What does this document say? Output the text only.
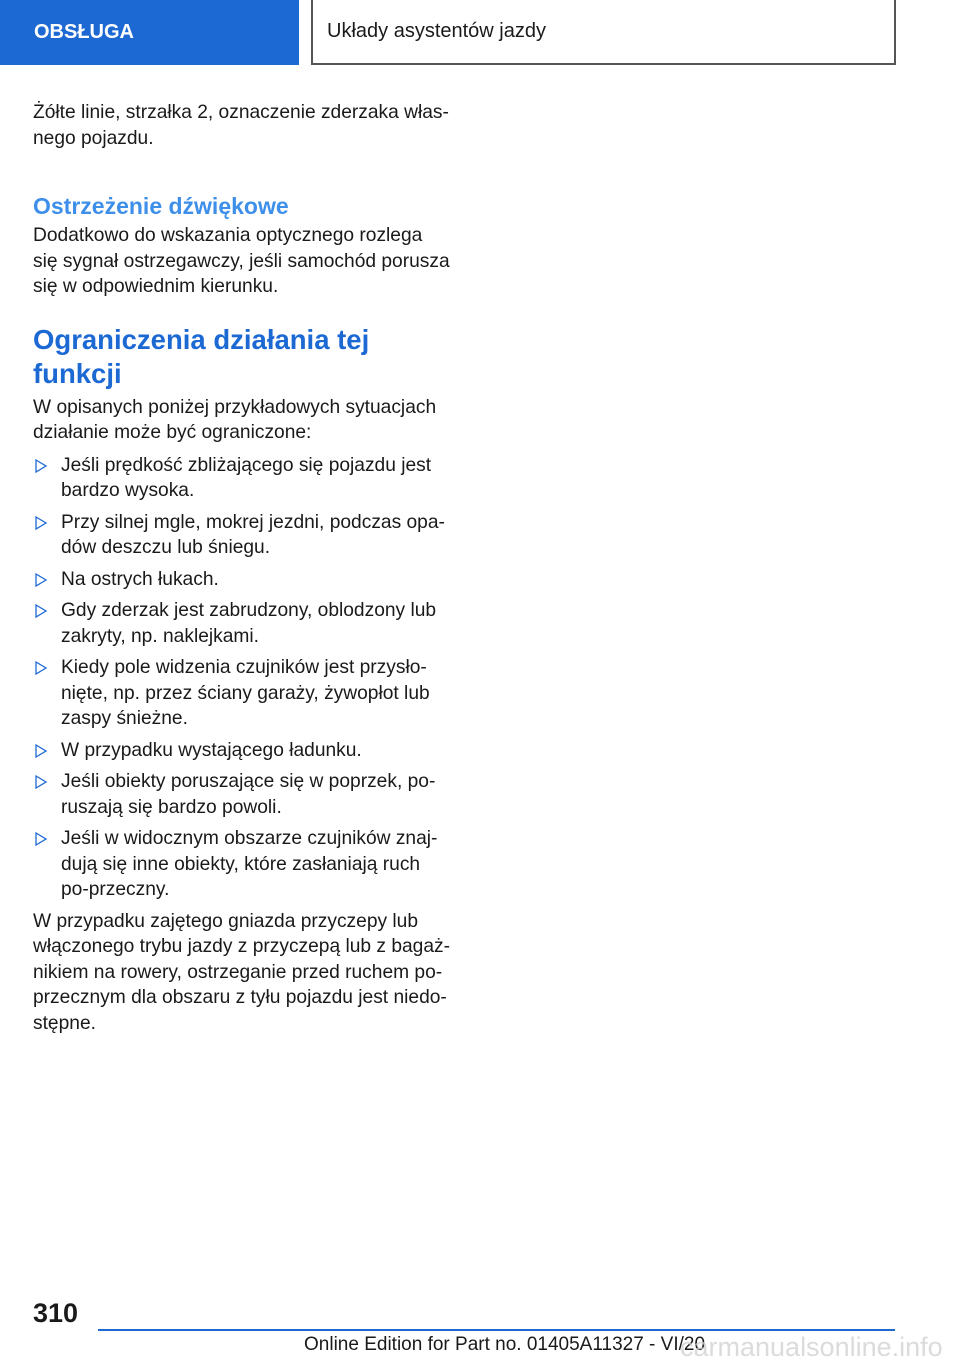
OBSŁUGA	Układy asystentów jazdy

Żółte linie, strzałka 2, oznaczenie zderzaka włas-nego pojazdu.

Ostrzeżenie dźwiękowe

Dodatkowo do wskazania optycznego rozlega się sygnał ostrzegawczy, jeśli samochód porusza się w odpowiednim kierunku.

Ograniczenia działania tej funkcji

W opisanych poniżej przykładowych sytuacjach działanie może być ograniczone:

Jeśli prędkość zbliżającego się pojazdu jest bardzo wysoka.
Przy silnej mgle, mokrej jezdni, podczas opa-dów deszczu lub śniegu.
Na ostrych łukach.
Gdy zderzak jest zabrudzony, oblodzony lub zakryty, np. naklejkami.
Kiedy pole widzenia czujników jest przysło-nięte, np. przez ściany garaży, żywopłot lub zaspy śnieżne.
W przypadku wystającego ładunku.
Jeśli obiekty poruszające się w poprzek, po-ruszają się bardzo powoli.
Jeśli w widocznym obszarze czujników znaj-dują się inne obiekty, które zasłaniają ruch po-przeczny.

W przypadku zajętego gniazda przyczepy lub włączonego trybu jazdy z przyczepą lub z bagaż-nikiem na rowery, ostrzeganie przed ruchem po-przecznym dla obszaru z tyłu pojazdu jest niedo-stępne.

310
Online Edition for Part no. 01405A11327 - VI/20
carmanualsonline.info
